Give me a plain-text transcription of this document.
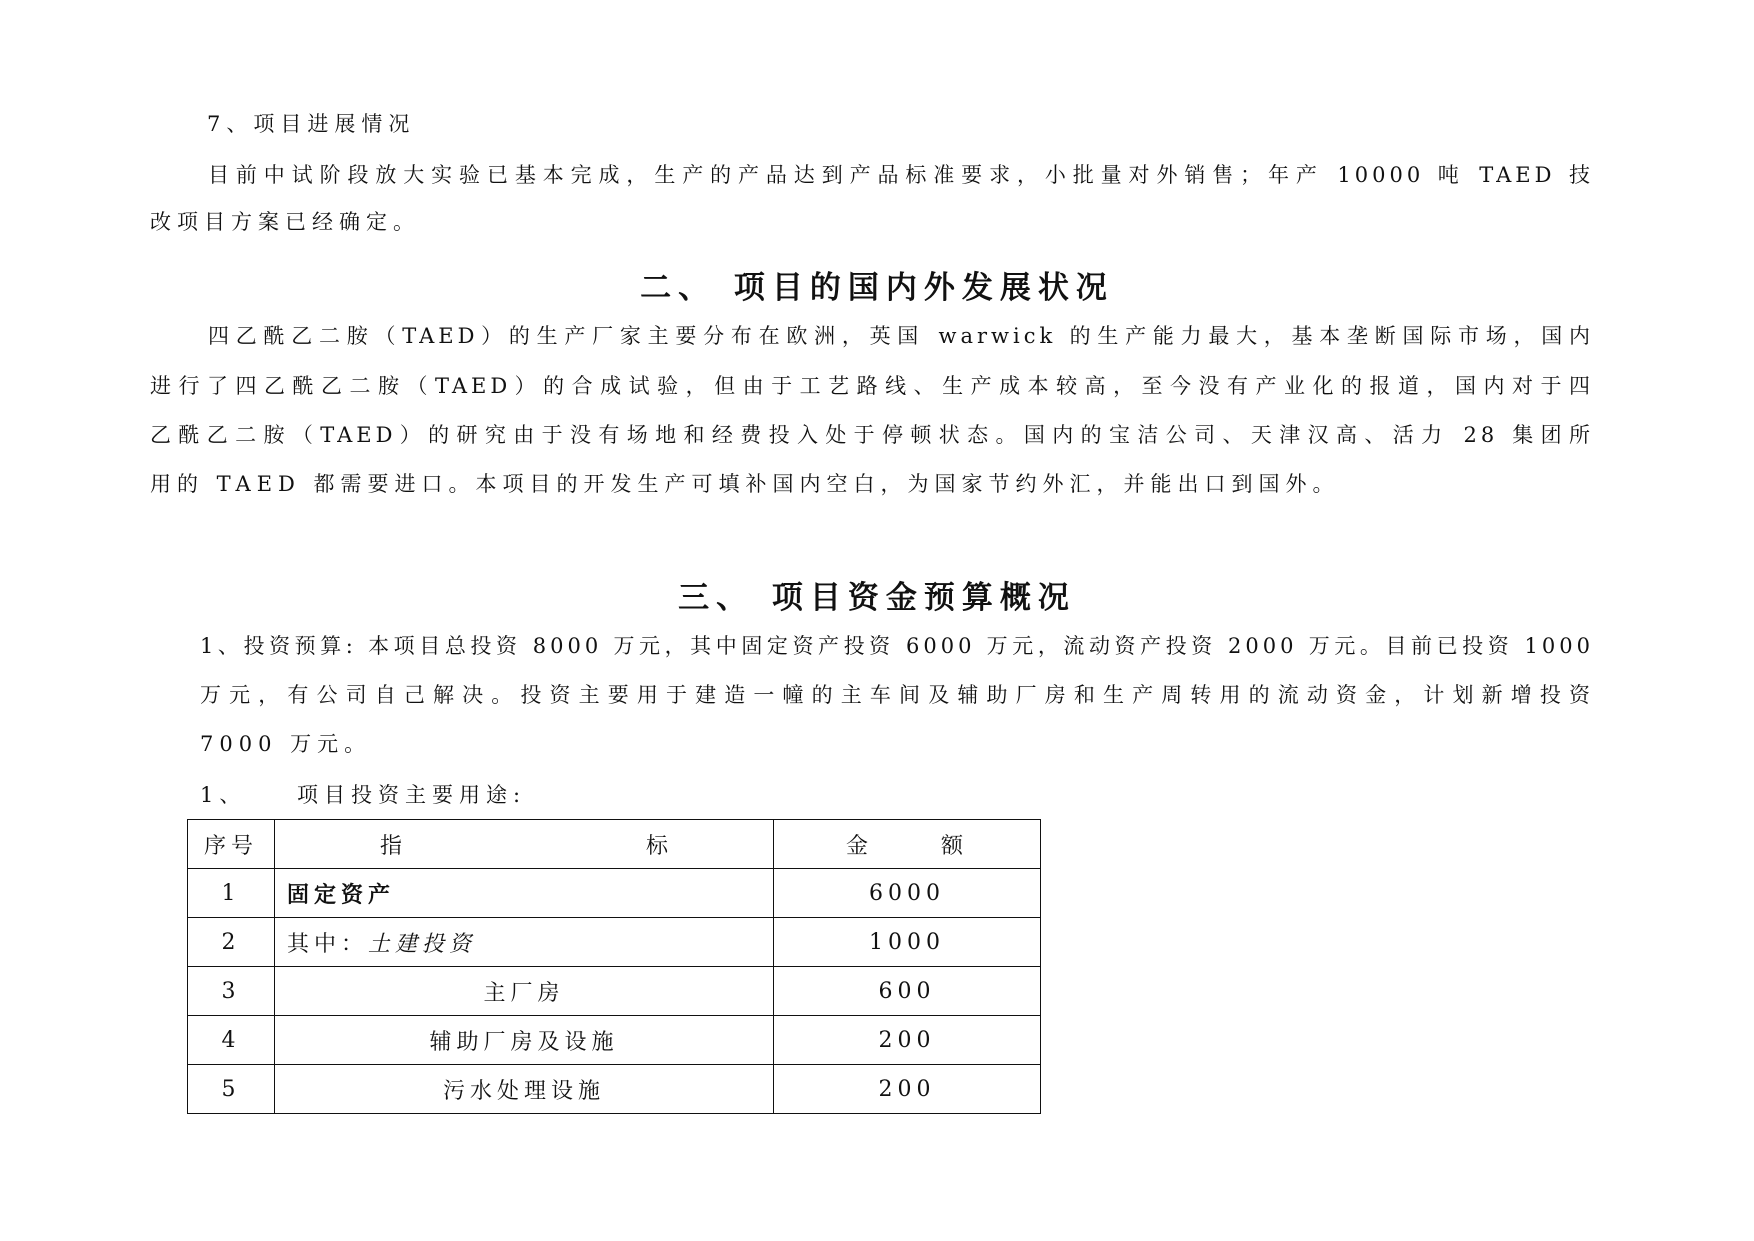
7、项目进展情况
目前中试阶段放大实验已基本完成，生产的产品达到产品标准要求，小批量对外销售；年产 10000 吨 TAED 技
改项目方案已经确定。
二、 项目的国内外发展状况
四乙酰乙二胺（TAED）的生产厂家主要分布在欧洲，英国 warwick 的生产能力最大，基本垄断国际市场，国内
进行了四乙酰乙二胺（TAED）的合成试验，但由于工艺路线、生产成本较高，至今没有产业化的报道，国内对于四
乙酰乙二胺（TAED）的研究由于没有场地和经费投入处于停顿状态。国内的宝洁公司、天津汉高、活力 28 集团所
用的 TAED 都需要进口。本项目的开发生产可填补国内空白，为国家节约外汇，并能出口到国外。
三、 项目资金预算概况
1、投资预算: 本项目总投资 8000 万元，其中固定资产投资 6000 万元，流动资产投资 2000 万元。目前已投资 1000
万元，有公司自己解决。投资主要用于建造一幢的主车间及辅助厂房和生产周转用的流动资金，计划新增投资
7000 万元。
1、    项目投资主要用途:
序号	指 标	金 额

1	固定资产	6000
2	其中：土建投资	1000
3	主厂房	600
4	辅助厂房及设施	200
5	污水处理设施	200
